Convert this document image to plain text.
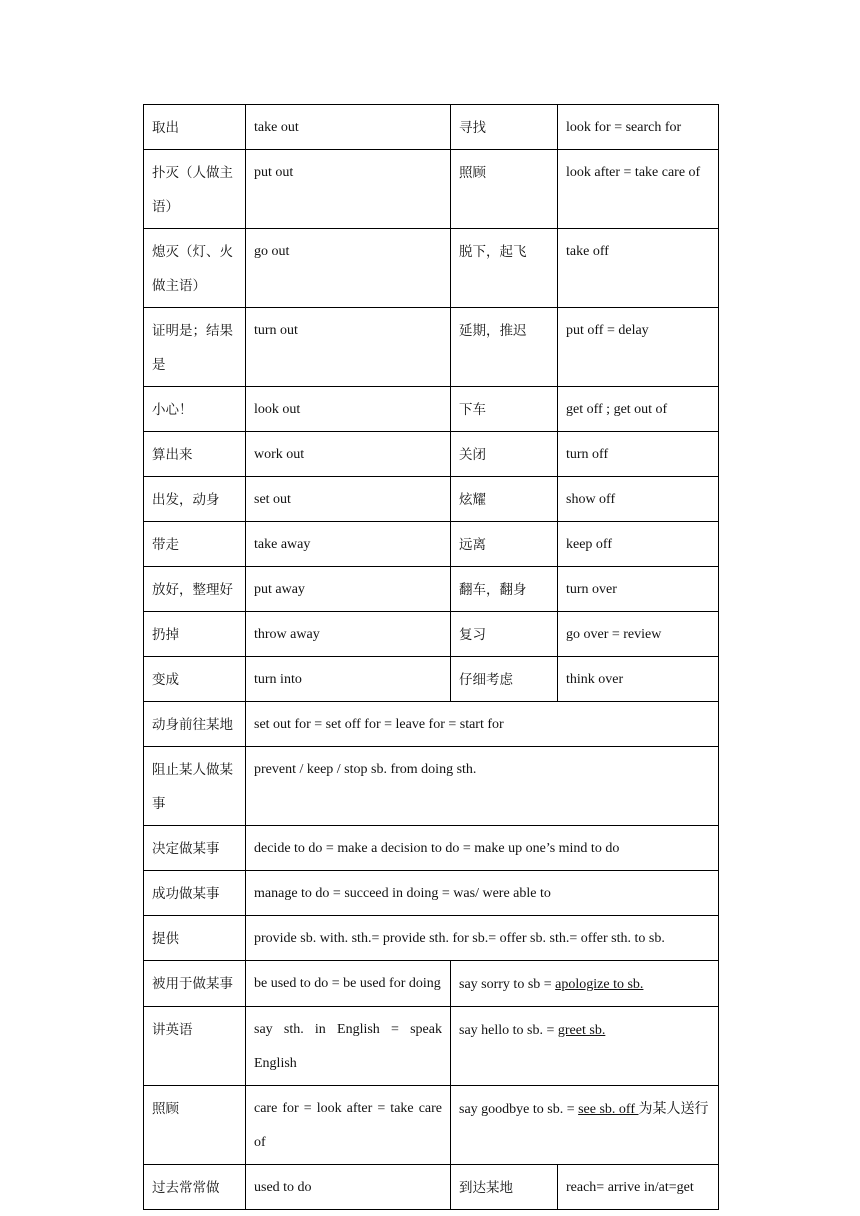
取出	take out	寻找	look for = search for
扑灭（人做主语）	put out	照顾	look after = take care of
熄灭（灯、火做主语）	go out	脱下，起飞	take off
证明是；结果是	turn out	延期，推迟	put off = delay
小心！	look out	下车	get off ; get out of
算出来	work out	关闭	turn off
出发，动身	set out	炫耀	show off
带走	take away	远离	keep off
放好，整理好	put away	翻车，翻身	turn over
扔掉	throw away	复习	go over = review
变成	turn into	仔细考虑	think over
动身前往某地	set out for = set off for = leave for = start for		
阻止某人做某事	prevent / keep / stop sb. from doing sth.		
决定做某事	decide to do = make a decision to do = make up one’s mind to do		
成功做某事	manage to do = succeed in doing = was/ were able to		
提供	provide sb. with. sth.= provide sth. for sb.= offer sb. sth.= offer sth. to sb.		
被用于做某事	be used to do = be used for doing	say sorry to sb = apologize to sb.	
讲英语	say sth. in English = speak English	say hello to sb. = greet sb.	
照顾	care for = look after = take care of	say goodbye to sb. = see sb. off 为某人送行	
过去常常做	used to do	到达某地	reach= arrive in/at=get
